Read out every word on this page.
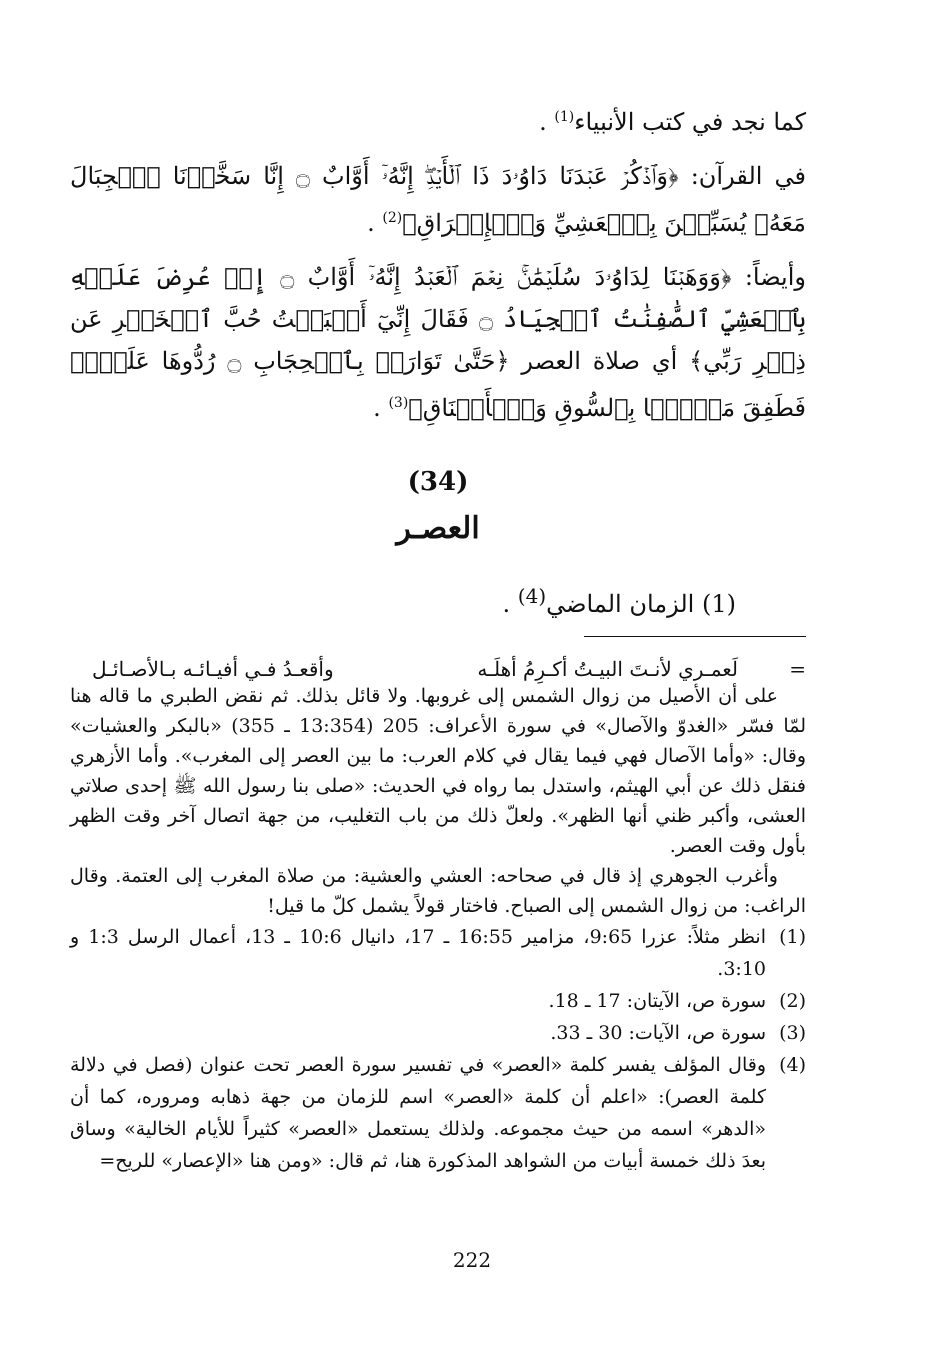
كما نجد في كتب الأنبياء$^{(1)}$ .

في القرآن: ﴿وَٱذۡكُرۡ عَبۡدَنَا دَاوُۥدَ ذَا ٱلۡأَيۡدِۖ إِنَّهُۥٓ أَوَّابٌ ۝ إِنَّا سَخَّرۡنَا ٱلۡجِبَالَ مَعَهُۥ يُسَبِّحۡنَ بِٱلۡعَشِيِّ وَٱلۡإِشۡرَاقِ﴾$^{(2)}$ .

وأيضاً: ﴿وَوَهَبۡنَا لِدَاوُۥدَ سُلَيۡمَٰنَۚ نِعۡمَ ٱلۡعَبۡدُ إِنَّهُۥٓ أَوَّابٌ ۝ إِذۡ عُرِضَ عَلَيۡهِ بِٱلۡعَشِيِّ ٱلصَّٰفِنَٰتُ ٱلۡجِيَادُ ۝ فَقَالَ إِنِّيٓ أَحۡبَبۡتُ حُبَّ ٱلۡخَيۡرِ عَن ذِكۡرِ رَبِّي﴾ أي صلاة العصر ﴿حَتَّىٰ تَوَارَتۡ بِٱلۡحِجَابِ ۝ رُدُّوهَا عَلَيَّۖ فَطَفِقَ مَسۡحَۢا بِٱلسُّوقِ وَٱلۡأَعۡنَاقِ﴾$^{(3)}$ .

(34)

العصـر

(1) الزمان الماضي$^{(4)}$ .

=
لَعمـري لأنـتَ البيـتُ أكـرِمُ أهلَـه
وأقعـدُ فـي أفيـائـه بـالأصـائـل

على أن الأصيل من زوال الشمس إلى غروبها. ولا قائل بذلك. ثم نقض الطبري ما قاله هنا لمّا فسّر «الغدوّ والآصال» في سورة الأعراف: 205 (13:354 ـ 355) «بالبكر والعشيات» وقال: «وأما الآصال فهي فيما يقال في كلام العرب: ما بين العصر إلى المغرب». وأما الأزهري فنقل ذلك عن أبي الهيثم، واستدل بما رواه في الحديث: «صلى بنا رسول الله ﷺ إحدى صلاتي العشى، وأكبر ظني أنها الظهر». ولعلّ ذلك من باب التغليب، من جهة اتصال آخر وقت الظهر بأول وقت العصر.

وأغرب الجوهري إذ قال في صحاحه: العشي والعشية: من صلاة المغرب إلى العتمة. وقال الراغب: من زوال الشمس إلى الصباح. فاختار قولاً يشمل كلّ ما قيل!

(1)
انظر مثلاً: عزرا 9:65، مزامير 16:55 ـ 17، دانيال 10:6 ـ 13، أعمال الرسل 1:3 و 3:10.
(2)
سورة ص، الآيتان: 17 ـ 18.
(3)
سورة ص، الآيات: 30 ـ 33.
(4)
وقال المؤلف يفسر كلمة «العصر» في تفسير سورة العصر تحت عنوان (فصل في دلالة كلمة العصر): «اعلم أن كلمة «العصر» اسم للزمان من جهة ذهابه ومروره، كما أن «الدهر» اسمه من حيث مجموعه. ولذلك يستعمل «العصر» كثيراً للأيام الخالية» وساق بعدَ ذلك خمسة أبيات من الشواهد المذكورة هنا، ثم قال: «ومن هنا «الإعصار» للريح=
222
